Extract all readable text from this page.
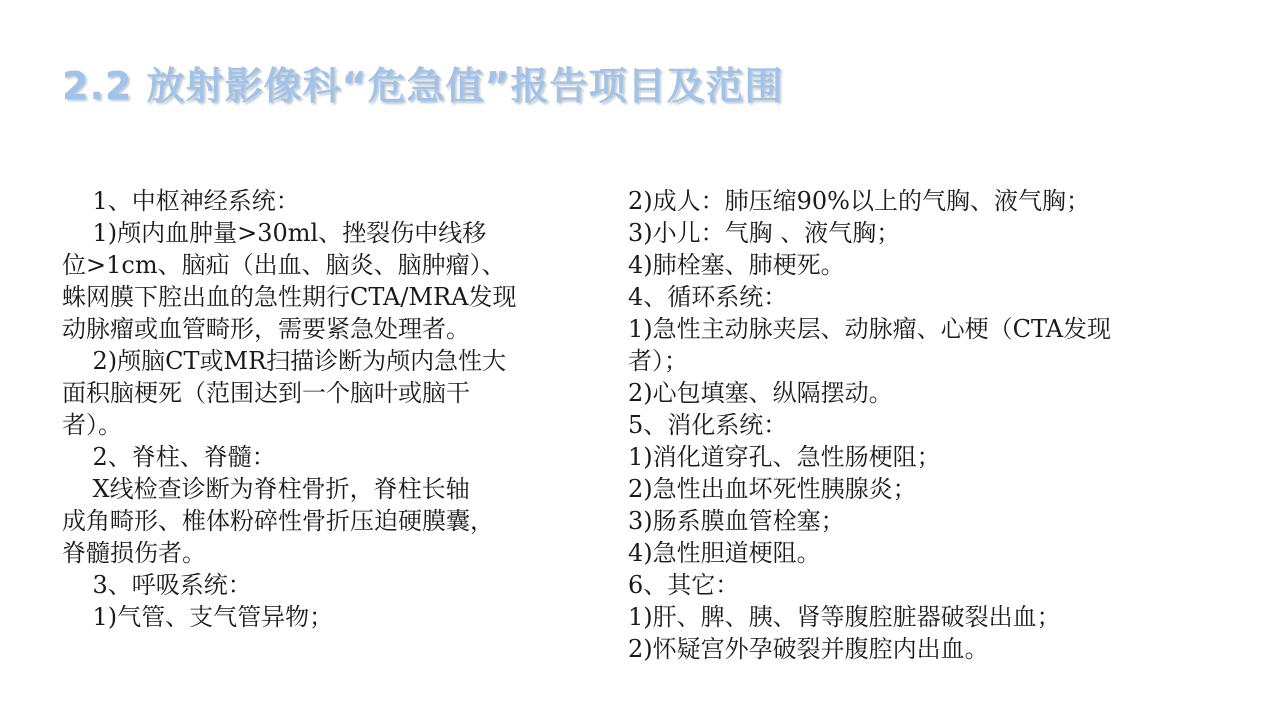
2.2 放射影像科“危急值”报告项目及范围

1、中枢神经系统：

1)颅内血肿量>30ml、挫裂伤中线移

位>1cm、脑疝（出血、脑炎、脑肿瘤）、

蛛网膜下腔出血的急性期行CTA/MRA发现

动脉瘤或血管畸形，需要紧急处理者。

2)颅脑CT或MR扫描诊断为颅内急性大

面积脑梗死（范围达到一个脑叶或脑干

者）。

2、脊柱、脊髓：

X线检查诊断为脊柱骨折，脊柱长轴

成角畸形、椎体粉碎性骨折压迫硬膜囊，

脊髓损伤者。

3、呼吸系统：

1)气管、支气管异物；

2)成人：肺压缩90%以上的气胸、液气胸；

3)小儿：气胸 、液气胸；

4)肺栓塞、肺梗死。

4、循环系统：

1)急性主动脉夹层、动脉瘤、心梗（CTA发现

者）；

2)心包填塞、纵隔摆动。

5、消化系统：

1)消化道穿孔、急性肠梗阻；

2)急性出血坏死性胰腺炎；

3)肠系膜血管栓塞；

4)急性胆道梗阻。

6、其它：

1)肝、脾、胰、肾等腹腔脏器破裂出血；

2)怀疑宫外孕破裂并腹腔内出血。
